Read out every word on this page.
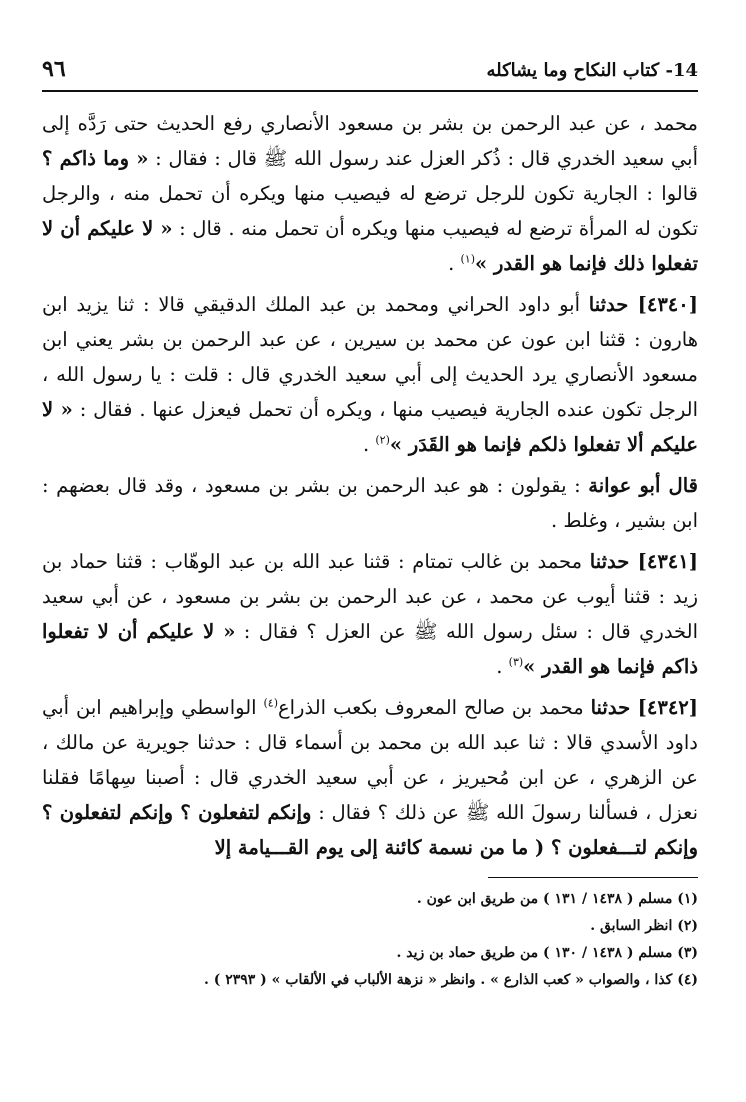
٩٦	14- كتاب النكاح وما يشاكله

محمد ، عن عبد الرحمن بن بشر بن مسعود الأنصاري رفع الحديث حتى رَدَّه إلى أبي سعيد الخدري قال : ذُكر العزل عند رسول الله ﷺ قال : فقال : « وما ذاكم ؟ قالوا : الجارية تكون للرجل ترضع له فيصيب منها ويكره أن تحمل منه ، والرجل تكون له المرأة ترضع له فيصيب منها ويكره أن تحمل منه . قال : « لا عليكم أن لا تفعلوا ذلك فإنما هو القدر »$^{(١)}$ .

[٤٣٤٠] حدثنا أبو داود الحراني ومحمد بن عبد الملك الدقيقي قالا : ثنا يزيد ابن هارون : قثنا ابن عون عن محمد بن سيرين ، عن عبد الرحمن بن بشر يعني ابن مسعود الأنصاري يرد الحديث إلى أبي سعيد الخدري قال : قلت : يا رسول الله ، الرجل تكون عنده الجارية فيصيب منها ، ويكره أن تحمل فيعزل عنها . فقال : « لا عليكم ألا تفعلوا ذلكم فإنما هو القَدَر »$^{(٢)}$ .

قال أبو عوانة : يقولون : هو عبد الرحمن بن بشر بن مسعود ، وقد قال بعضهم : ابن بشير ، وغلط .

[٤٣٤١] حدثنا محمد بن غالب تمتام : قثنا عبد الله بن عبد الوهّاب : قثنا حماد بن زيد : قثنا أيوب عن محمد ، عن عبد الرحمن بن بشر بن مسعود ، عن أبي سعيد الخدري قال : سئل رسول الله ﷺ عن العزل ؟ فقال : « لا عليكم أن لا تفعلوا ذاكم فإنما هو القدر »$^{(٣)}$ .

[٤٣٤٢] حدثنا محمد بن صالح المعروف بكعب الذراع$^{(٤)}$ الواسطي وإبراهيم ابن أبي داود الأسدي قالا : ثنا عبد الله بن محمد بن أسماء قال : حدثنا جويرية عن مالك ، عن الزهري ، عن ابن مُحيريز ، عن أبي سعيد الخدري قال : أصبنا سِهامًا فقلنا نعزل ، فسألنا رسولَ الله ﷺ عن ذلك ؟ فقال : وإنكم لتفعلون ؟ وإنكم لتفعلون ؟ وإنكم لتـــفعلون ؟ ( ما من نسمة كائنة إلى يوم القـــيامة إلا

(١) مسلم ( ١٤٣٨ / ١٣١ ) من طريق ابن عون .
(٢) انظر السابق .
(٣) مسلم ( ١٤٣٨ / ١٣٠ ) من طريق حماد بن زيد .
(٤) كذا ، والصواب « كعب الذارع » . وانظر « نزهة الألباب في الألقاب » ( ٢٣٩٣ ) .
